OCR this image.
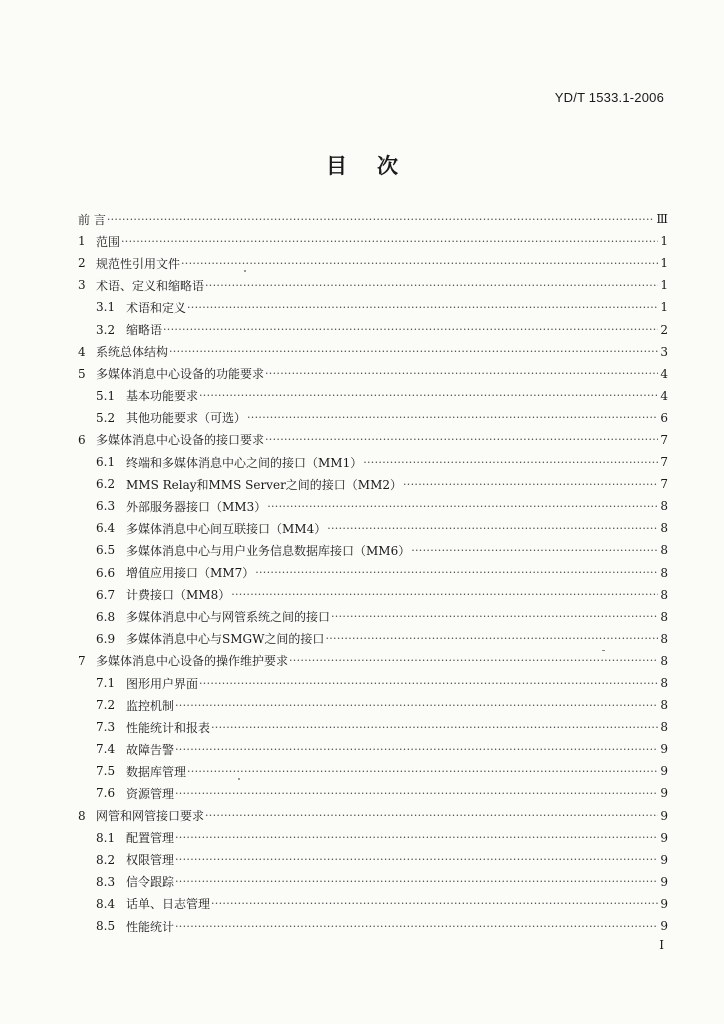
YD/T 1533.1-2006
目次
前 言 ·····	Ⅲ
1 范围 ·····	1
2 规范性引用文件 ·····	1
3 术语、定义和缩略语 ·····	1
3.1 术语和定义 ·····	1
3.2 缩略语 ·····	2
4 系统总体结构 ·····	3
5 多媒体消息中心设备的功能要求 ·····	4
5.1 基本功能要求 ·····	4
5.2 其他功能要求（可选） ·····	6
6 多媒体消息中心设备的接口要求 ·····	7
6.1 终端和多媒体消息中心之间的接口（MM1） ·····	7
6.2 MMS Relay和MMS Server之间的接口（MM2） ·····	7
6.3 外部服务器接口（MM3） ·····	8
6.4 多媒体消息中心间互联接口（MM4） ·····	8
6.5 多媒体消息中心与用户业务信息数据库接口（MM6） ·····	8
6.6 增值应用接口（MM7） ·····	8
6.7 计费接口（MM8） ·····	8
6.8 多媒体消息中心与网管系统之间的接口 ·····	8
6.9 多媒体消息中心与SMGW之间的接口 ·····	8
7 多媒体消息中心设备的操作维护要求 ·····	8
7.1 图形用户界面 ·····	8
7.2 监控机制 ·····	8
7.3 性能统计和报表 ·····	8
7.4 故障告警 ·····	9
7.5 数据库管理 ·····	9
7.6 资源管理 ·····	9
8 网管和网管接口要求 ·····	9
8.1 配置管理 ·····	9
8.2 权限管理 ·····	9
8.3 信令跟踪 ·····	9
8.4 话单、日志管理 ·····	9
8.5 性能统计 ·····	9
I
